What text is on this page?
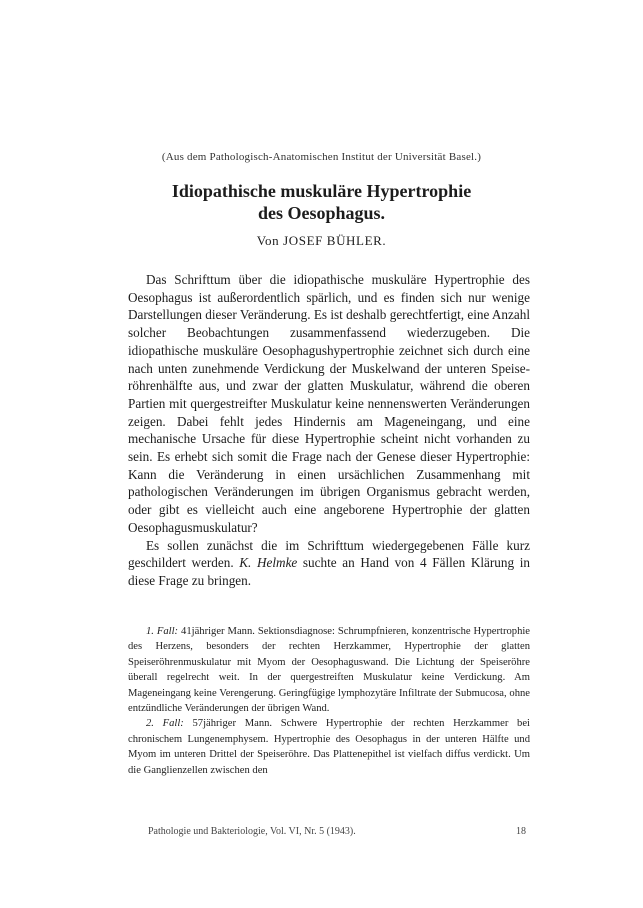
(Aus dem Pathologisch-Anatomischen Institut der Universität Basel.)
Idiopathische muskuläre Hypertrophie
des Oesophagus.
Von JOSEF BÜHLER.

Das Schrifttum über die idiopathische muskuläre Hypertrophie des Oesophagus ist außerordentlich spärlich, und es finden sich nur wenige Darstellungen dieser Veränderung. Es ist deshalb gerechtfertigt, eine Anzahl solcher Beobachtungen zusammenfassend wiederzugeben. Die idiopathische muskuläre Oesophagushypertrophie zeichnet sich durch eine nach unten zunehmende Verdickung der Muskelwand der unteren Speiseröhrenhälfte aus, und zwar der glatten Muskulatur, während die oberen Partien mit quergestreifter Muskulatur keine nennenswerten Veränderungen zeigen. Dabei fehlt jedes Hindernis am Mageneingang, und eine mechanische Ursache für diese Hypertrophie scheint nicht vorhanden zu sein. Es erhebt sich somit die Frage nach der Genese dieser Hypertrophie: Kann die Veränderung in einen ursächlichen Zusammenhang mit pathologischen Veränderungen im übrigen Organismus gebracht werden, oder gibt es vielleicht auch eine angeborene Hypertrophie der glatten Oesophagusmuskulatur?

Es sollen zunächst die im Schrifttum wiedergegebenen Fälle kurz geschildert werden. K. Helmke suchte an Hand von 4 Fällen Klärung in diese Frage zu bringen.

1. Fall: 41jähriger Mann. Sektionsdiagnose: Schrumpfnieren, konzentrische Hypertrophie des Herzens, besonders der rechten Herzkammer, Hypertrophie der glatten Speiseröhrenmuskulatur mit Myom der Oesophaguswand. Die Lichtung der Speiseröhre überall regelrecht weit. In der quergestreiften Muskulatur keine Verdickung. Am Mageneingang keine Verengerung. Geringfügige lymphozytäre Infiltrate der Submucosa, ohne entzündliche Veränderungen der übrigen Wand.

2. Fall: 57jähriger Mann. Schwere Hypertrophie der rechten Herzkammer bei chronischem Lungenemphysem. Hypertrophie des Oesophagus in der unteren Hälfte und Myom im unteren Drittel der Speiseröhre. Das Plattenepithel ist vielfach diffus verdickt. Um die Ganglienzellen zwischen den

Pathologie und Bakteriologie, Vol. VI, Nr. 5 (1943).	18
